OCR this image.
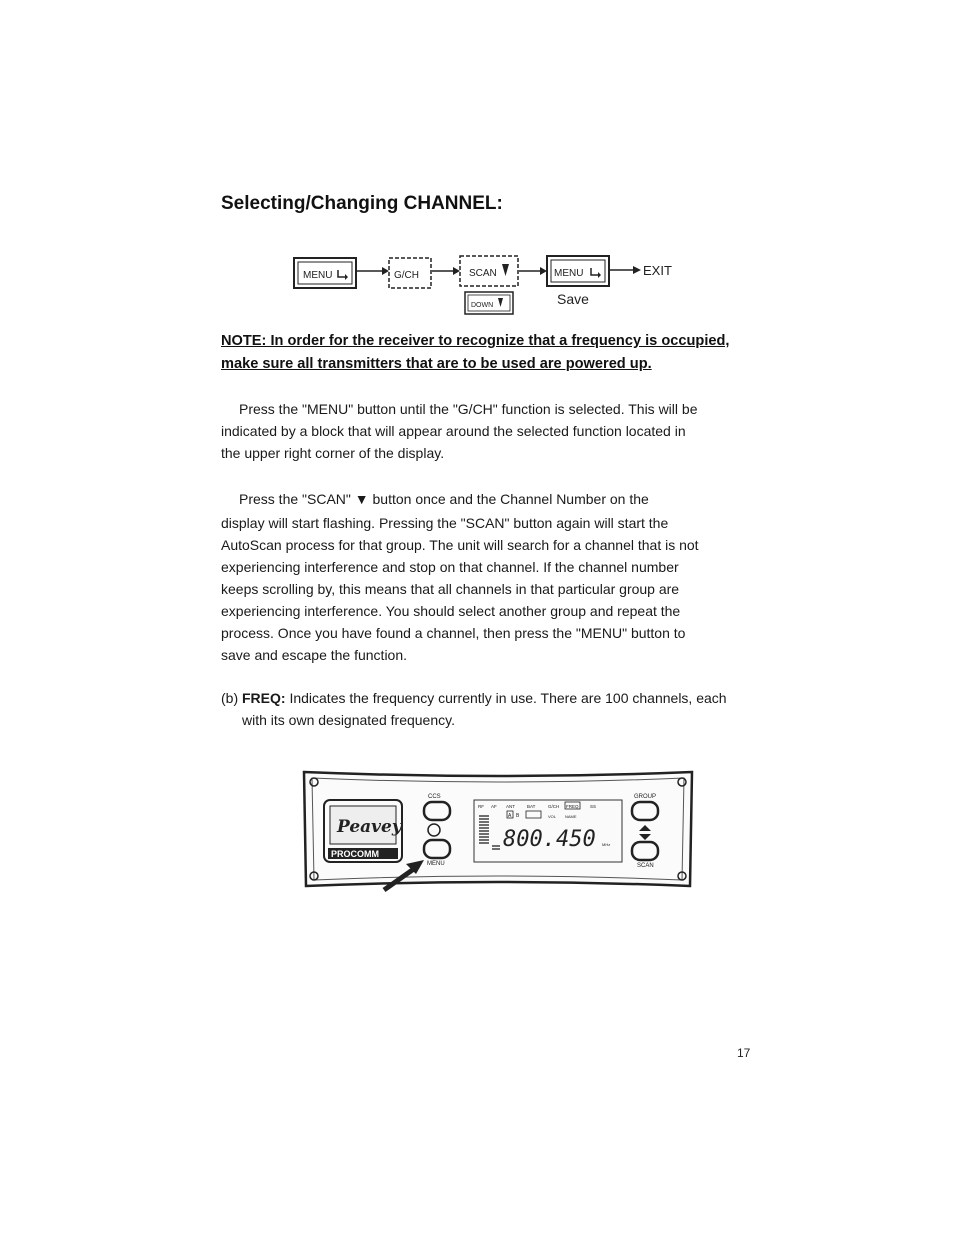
Selecting/Changing CHANNEL:
MENU	G/CH	SCAN
DOWN
MENU
Save
EXIT
NOTE: In order for the receiver to recognize that a frequency is occupied,
make sure all transmitters that are to be used are powered up.
Press the "MENU" button until the "G/CH" function is selected. This will be
indicated by a block that will appear around the selected function located in
the upper right corner of the display.
Press the "SCAN" ▼ button once and the Channel Number on the
display will start flashing. Pressing the "SCAN" button again will start the
AutoScan process for that group. The unit will search for a channel that is not
experiencing interference and stop on that channel. If the channel number
keeps scrolling by, this means that all channels in that particular group are
experiencing interference. You should select another group and repeat the
process. Once you have found a channel, then press the "MENU" button to
save and escape the function.
(b) FREQ: Indicates the frequency currently in use. There are 100 channels, each
with its own designated frequency.
Peavey
PROCOMM
CCS
MENU
RF AF ANT	BAT	G/CH FREQ	SS
A B	VOL NAME
800.450 MHz
GROUP
SCAN
17
